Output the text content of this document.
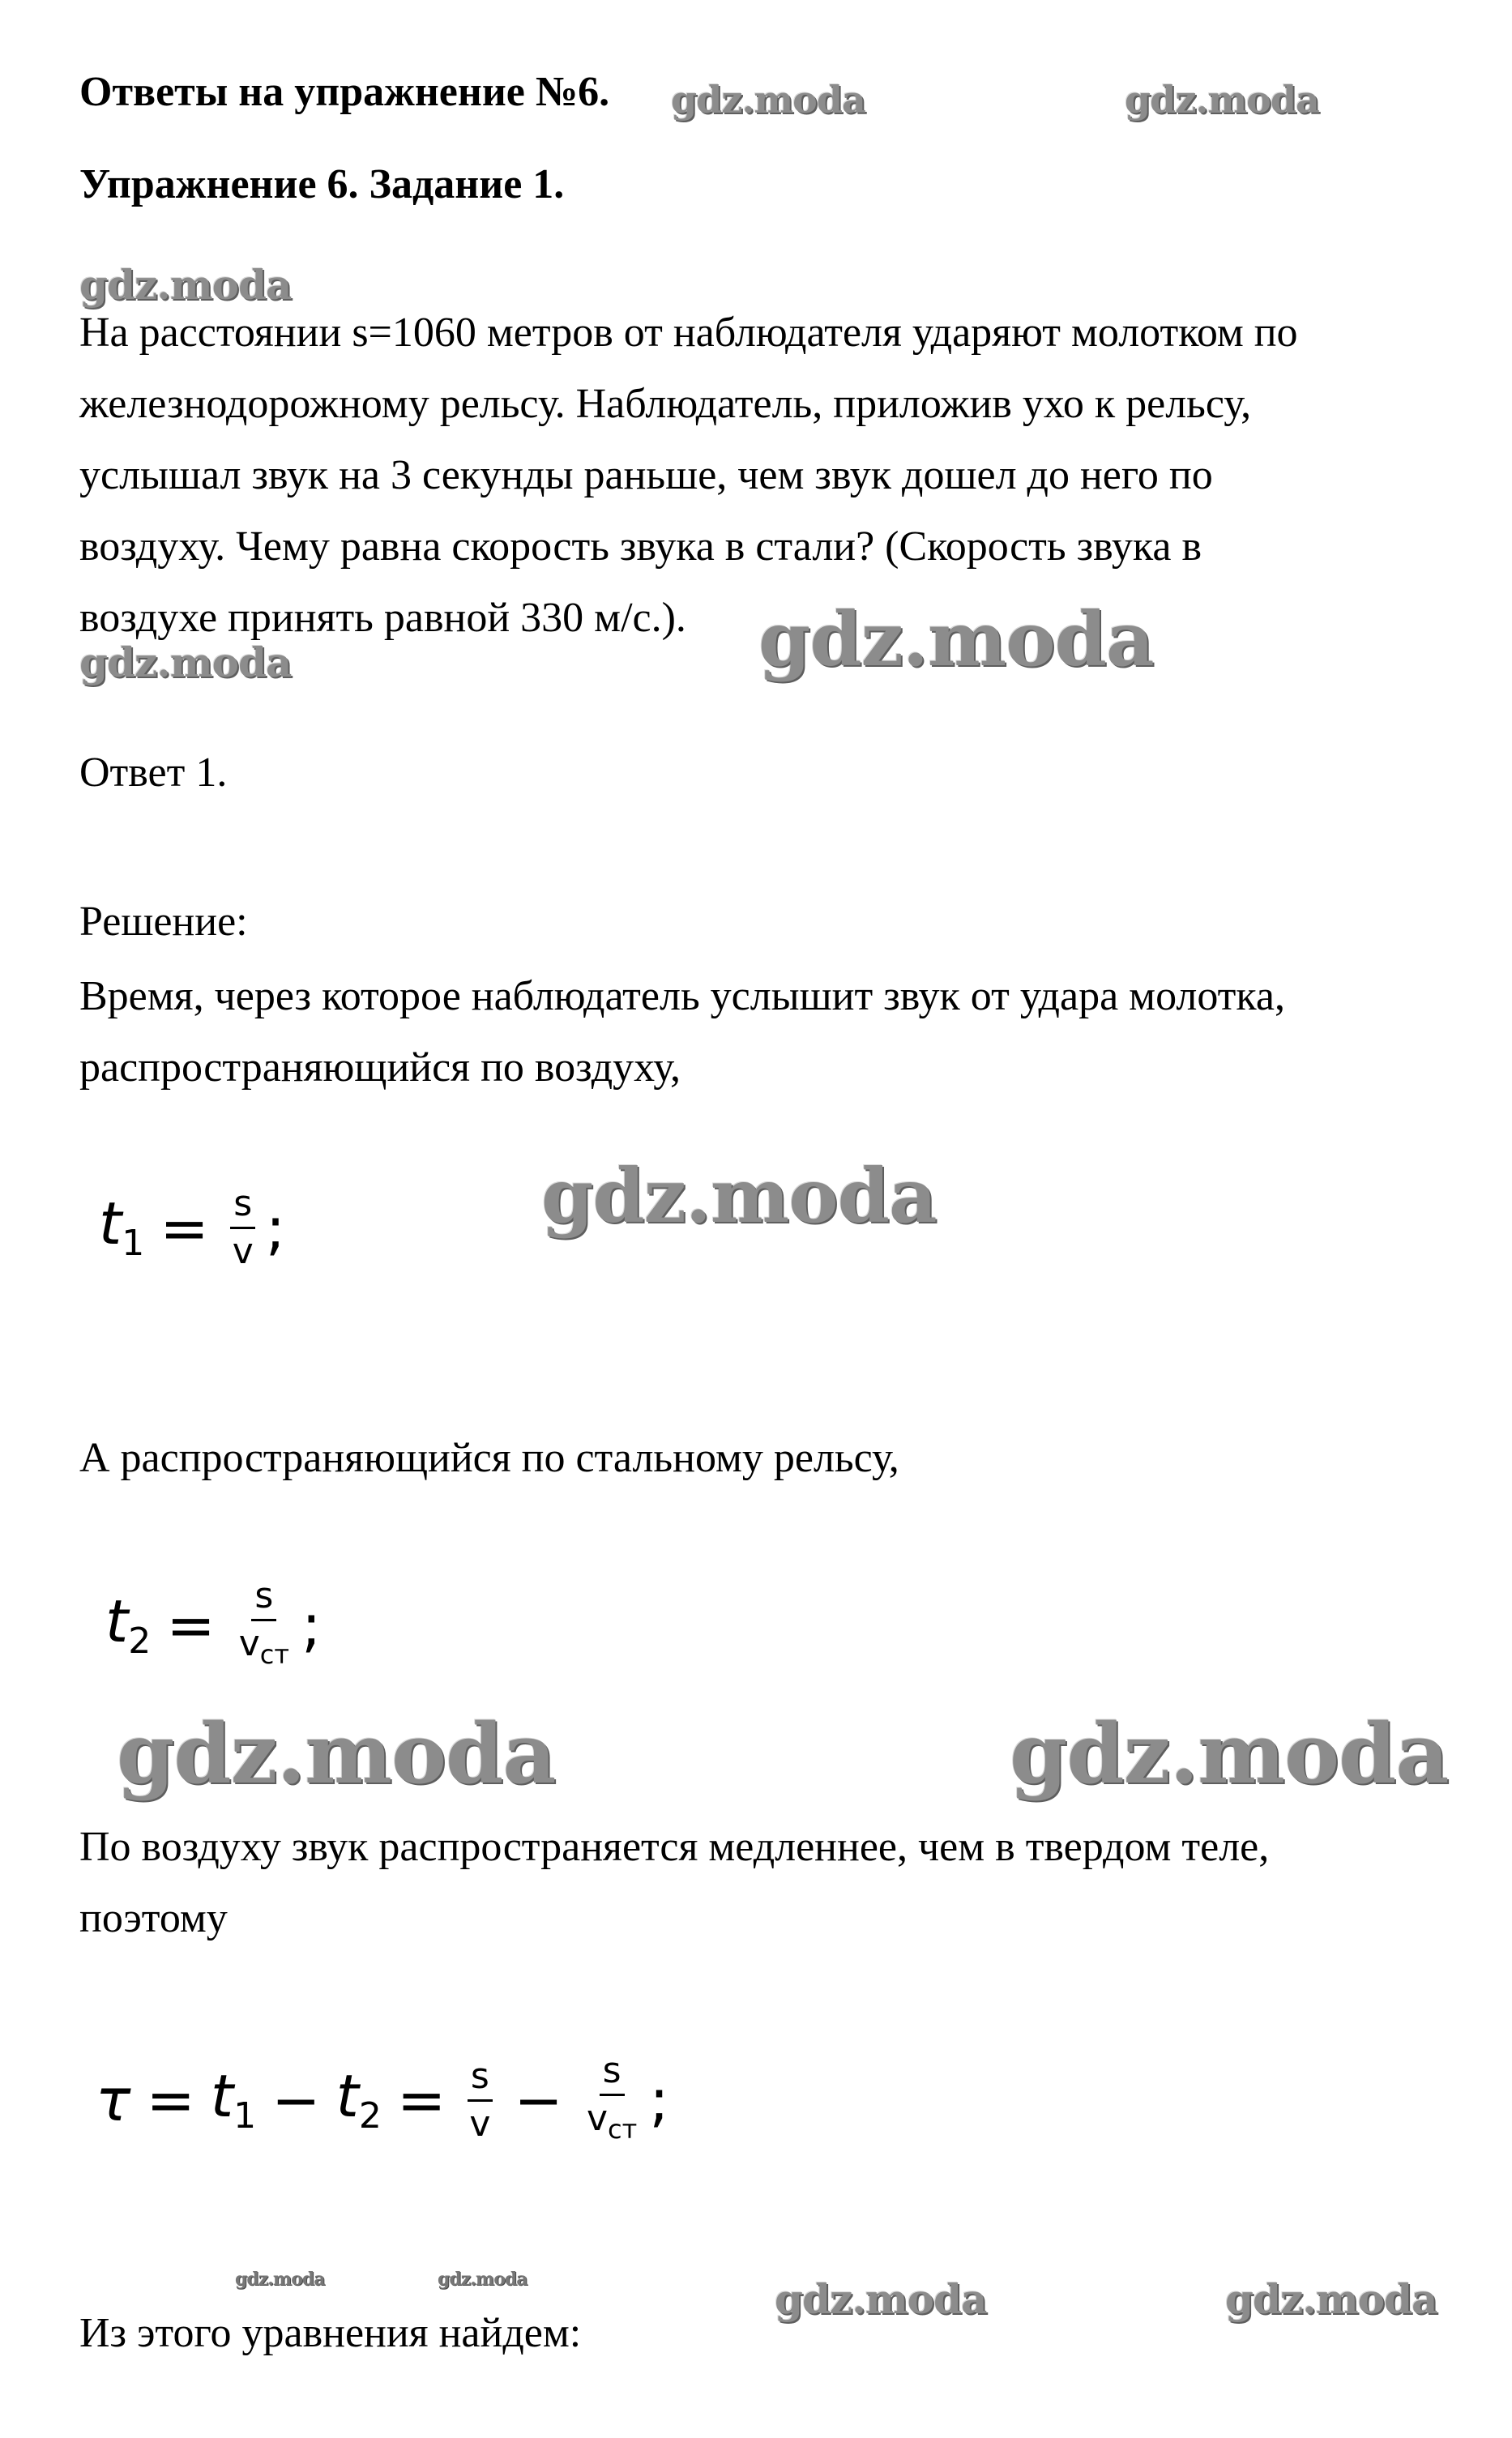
Ответы на упражнение №6.
Упражнение 6. Задание 1.
На расстоянии s=1060 метров от наблюдателя ударяют молотком по
железнодорожному рельсу. Наблюдатель, приложив ухо к рельсу,
услышал звук на 3 секунды раньше, чем звук дошел до него по
воздуху. Чему равна скорость звука в стали? (Скорость звука в
воздухе принять равной 330 м/с.).
Ответ 1.
Решение:
Время, через которое наблюдатель услышит звук от удара молотка,
распространяющийся по воздуху,
$t_1 = \frac{s}{v}$ ;
А распространяющийся по стальному рельсу,
$t_2 = \frac{s}{v_{ст}}$ ;
По воздуху звук распространяется медленнее, чем в твердом теле,
поэтому
$\tau = t_1 - t_2 = \frac{s}{v} - \frac{s}{v_{ст}}$ ;
Из этого уравнения найдем:
gdz.moda	gdz.moda
gdz.moda
gdz.moda	gdz.moda
gdz.moda
gdz.moda	gdz.moda
gdz.moda	gdz.moda	gdz.moda	gdz.moda
